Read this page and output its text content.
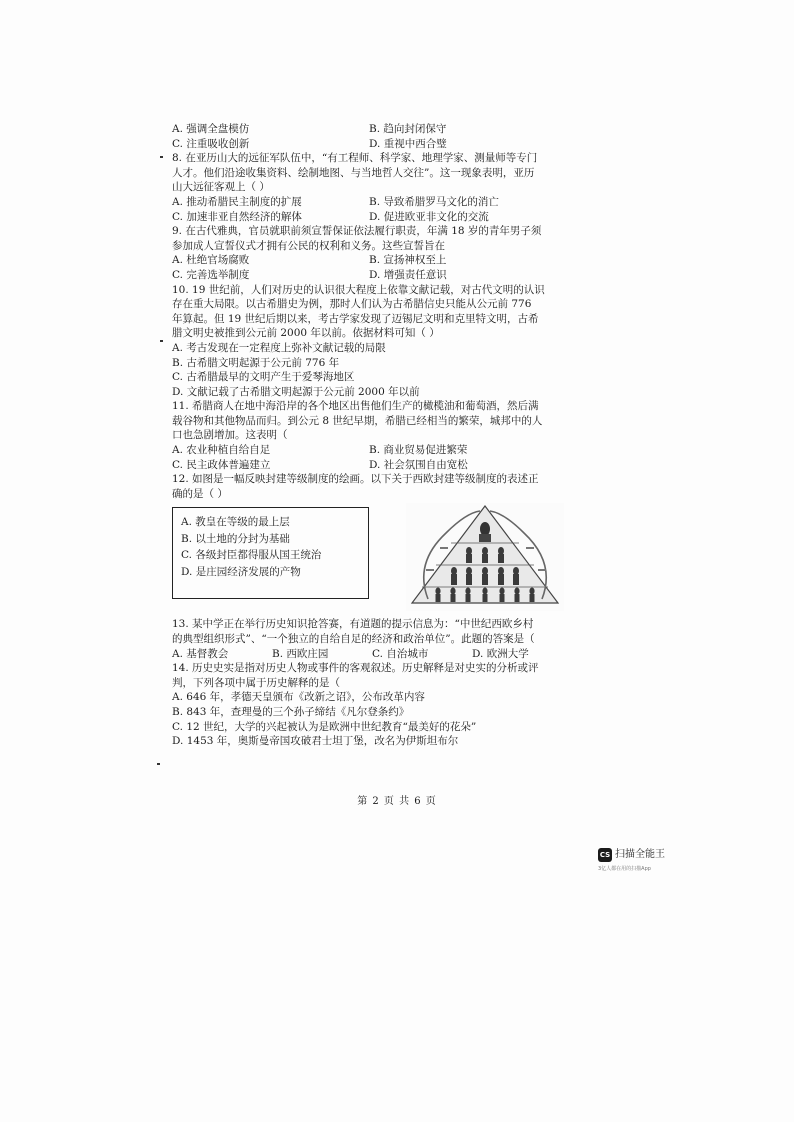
A. 强调全盘模仿	B. 趋向封闭保守
C. 注重吸收创新	D. 重视中西合璧
8. 在亚历山大的远征军队伍中，“有工程师、科学家、地理学家、测量师等专门
人才。他们沿途收集资料、绘制地图、与当地哲人交往”。这一现象表明，亚历
山大远征客观上（ ）
A. 推动希腊民主制度的扩展	B. 导致希腊罗马文化的消亡
C. 加速非亚自然经济的解体	D. 促进欧亚非文化的交流
9. 在古代雅典，官员就职前须宣誓保证依法履行职责，年满 18 岁的青年男子须
参加成人宣誓仪式才拥有公民的权利和义务。这些宣誓旨在
A. 杜绝官场腐败	B. 宣扬神权至上
C. 完善选举制度	D. 增强责任意识
10. 19 世纪前，人们对历史的认识很大程度上依靠文献记载，对古代文明的认识
存在重大局限。以古希腊史为例，那时人们认为古希腊信史只能从公元前 776
年算起。但 19 世纪后期以来，考古学家发现了迈锡尼文明和克里特文明，古希
腊文明史被推到公元前 2000 年以前。依据材料可知（ ）
A. 考古发现在一定程度上弥补文献记载的局限
B. 古希腊文明起源于公元前 776 年
C. 古希腊最早的文明产生于爱琴海地区
D. 文献记载了古希腊文明起源于公元前 2000 年以前
11. 希腊商人在地中海沿岸的各个地区出售他们生产的橄榄油和葡萄酒，然后满
载谷物和其他物品而归。到公元 8 世纪早期，希腊已经相当的繁荣，城邦中的人
口也急剧增加。这表明（
A. 农业种植自给自足	B. 商业贸易促进繁荣
C. 民主政体普遍建立	D. 社会氛围自由宽松
12. 如图是一幅反映封建等级制度的绘画。以下关于西欧封建等级制度的表述正
确的是（ ）
A. 教皇在等级的最上层
B. 以土地的分封为基础
C. 各级封臣都得服从国王统治
D. 是庄园经济发展的产物
13. 某中学正在举行历史知识抢答赛，有道题的提示信息为：“中世纪西欧乡村
的典型组织形式”、“一个独立的自给自足的经济和政治单位”。此题的答案是（
A. 基督教会	B. 西欧庄园	C. 自治城市	D. 欧洲大学
14. 历史史实是指对历史人物或事件的客观叙述。历史解释是对史实的分析或评
判，下列各项中属于历史解释的是（
A. 646 年，孝德天皇颁布《改新之诏》，公布改革内容
B. 843 年，查理曼的三个孙子缔结《凡尔登条约》
C. 12 世纪，大学的兴起被认为是欧洲中世纪教育“最美好的花朵”
D. 1453 年，奥斯曼帝国攻破君士坦丁堡，改名为伊斯坦布尔
第 2 页 共 6 页
CS 扫描全能王
3亿人都在用的扫描App
